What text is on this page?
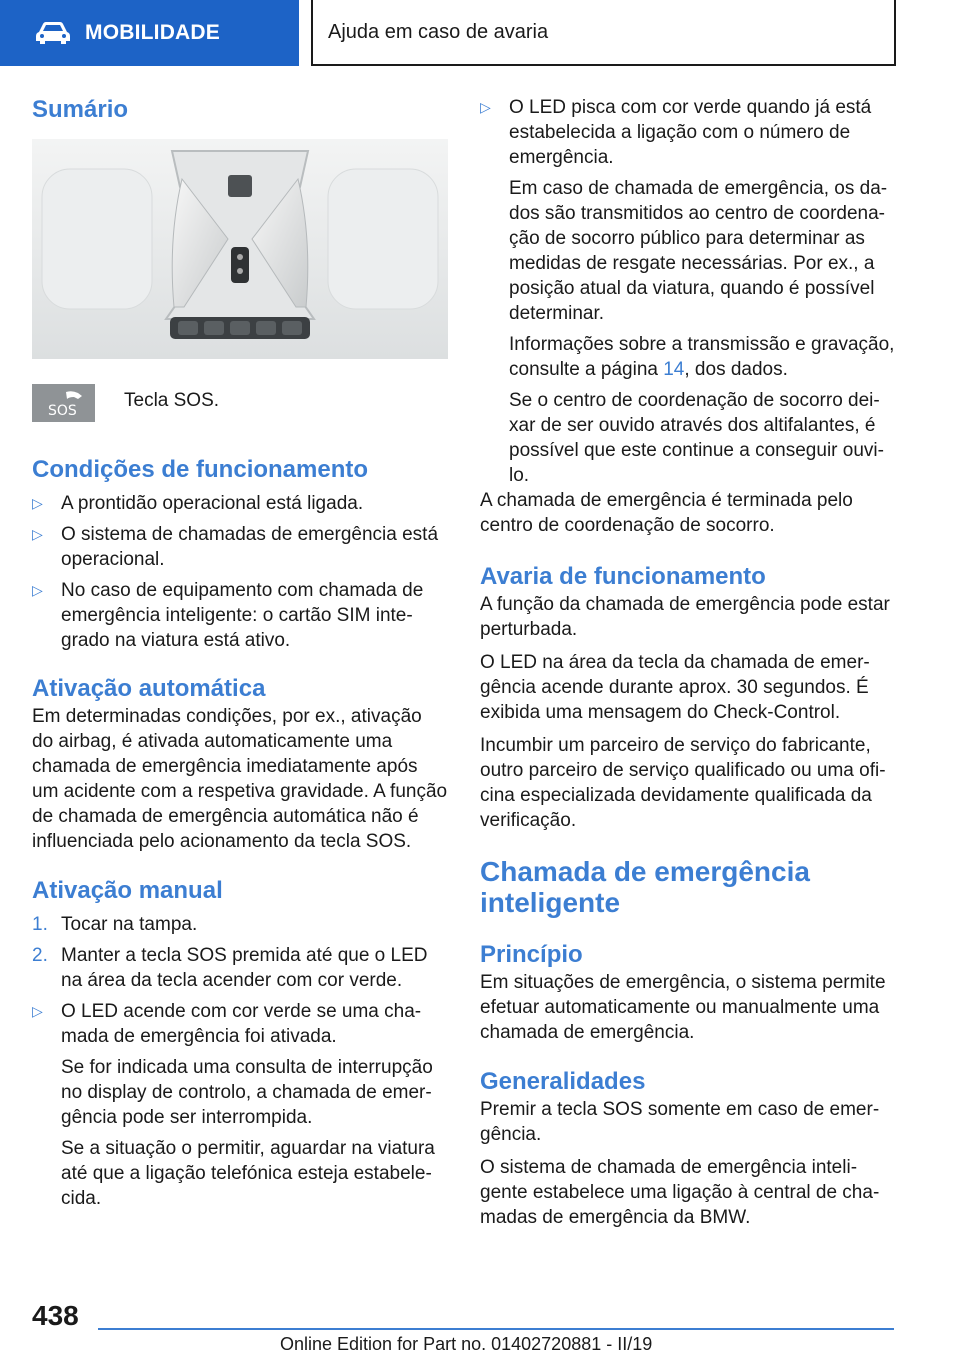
MOBILIDADE	Ajuda em caso de avaria
Sumário
SOS	Tecla SOS.
Condições de funcionamento
▷ A prontidão operacional está ligada.
▷ O sistema de chamadas de emergência está operacional.
▷ No caso de equipamento com chamada de emergência inteligente: o cartão SIM integrado na viatura está ativo.
Ativação automática

Em determinadas condições, por ex., ativação do airbag, é ativada automaticamente uma chamada de emergência imediatamente após um acidente com a respetiva gravidade. A função de chamada de emergência automática não é influenciada pelo acionamento da tecla SOS.

Ativação manual
1. Tocar na tampa.
2. Manter a tecla SOS premida até que o LED na área da tecla acender com cor verde.
▷ O LED acende com cor verde se uma chamada de emergência foi ativada.
Se for indicada uma consulta de interrupção no display de controlo, a chamada de emergência pode ser interrompida.
Se a situação o permitir, aguardar na viatura até que a ligação telefónica esteja estabelecida.
▷ O LED pisca com cor verde quando já está estabelecida a ligação com o número de emergência.
Em caso de chamada de emergência, os dados são transmitidos ao centro de coordenação de socorro público para determinar as medidas de resgate necessárias. Por ex., a posição atual da viatura, quando é possível determinar.
Informações sobre a transmissão e gravação, consulte a página 14, dos dados.
Se o centro de coordenação de socorro deixar de ser ouvido através dos altifalantes, é possível que este continue a conseguir ouvi-lo.

A chamada de emergência é terminada pelo centro de coordenação de socorro.

Avaria de funcionamento

A função da chamada de emergência pode estar perturbada.

O LED na área da tecla da chamada de emergência acende durante aprox. 30 segundos. É exibida uma mensagem do Check-Control.

Incumbir um parceiro de serviço do fabricante, outro parceiro de serviço qualificado ou uma oficina especializada devidamente qualificada da verificação.

Chamada de emergência inteligente
Princípio

Em situações de emergência, o sistema permite efetuar automaticamente ou manualmente uma chamada de emergência.

Generalidades

Premir a tecla SOS somente em caso de emergência.

O sistema de chamada de emergência inteligente estabelece uma ligação à central de chamadas de emergência da BMW.

438
Online Edition for Part no. 01402720881 - II/19
